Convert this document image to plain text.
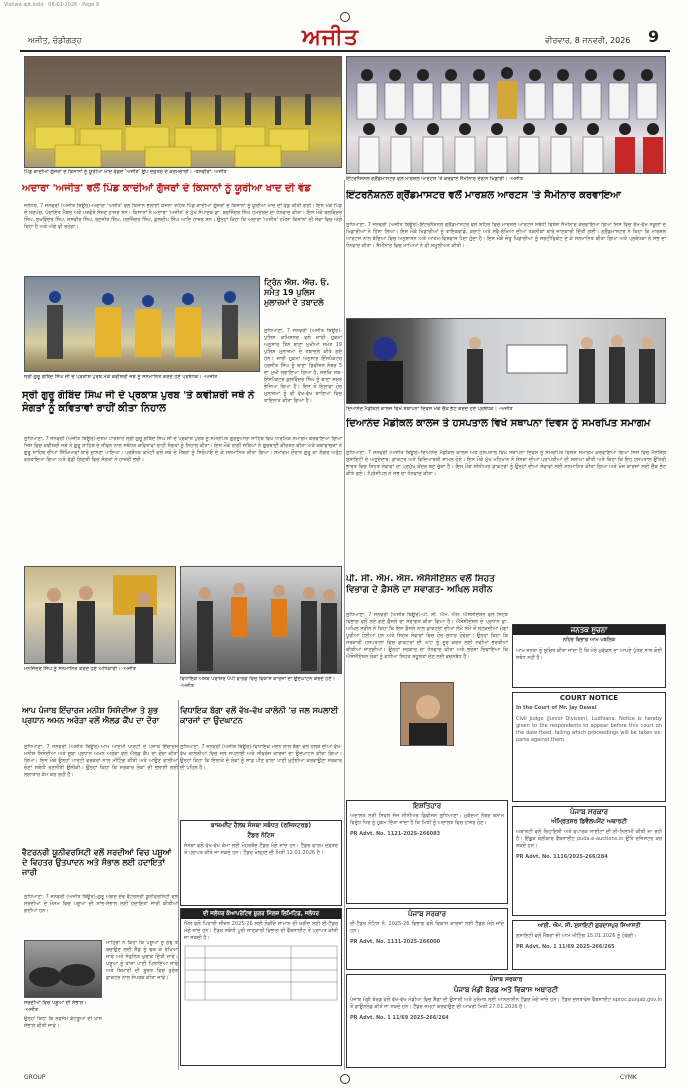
Vishwa ajit.indd · 08-01-2026 · Page 9
ਅਜੀਤ, ਚੰਡੀਗੜ੍ਹ	ਅਜੀਤ	ਵੀਰਵਾਰ, 8 ਜਨਵਰੀ, 2026 9
ਪਿੰਡ ਕਾਦੀਆਂ ਗੁੱਜਰਾਂ ਦੇ ਕਿਸਾਨਾਂ ਨੂੰ ਯੂਰੀਆ ਖਾਦ ਵੰਡਦੇ 'ਅਜੀਤ' ਉਪ ਦਫ਼ਤਰ ਦੇ ਕਰਮਚਾਰੀ। -ਤਸਵੀਰਾਂ: ਅਜੀਤ
ਇੰਟਰਨੈਸ਼ਨਲ ਗ੍ਰੈਂਡਮਾਸਟਰ ਵਲੋਂ ਮਾਰਸ਼ਲ ਆਰਟਸ 'ਤੇ ਕਰਵਾਏ ਸੈਮੀਨਾਰ ਦੌਰਾਨ ਖਿਡਾਰੀ। -ਅਜੀਤ
ਅਦਾਰਾ 'ਅਜੀਤ' ਵਲੋਂ ਪਿੰਡ ਕਾਦੀਆਂ ਗੁੱਜਰਾਂ ਦੇ ਕਿਸਾਨਾਂ ਨੂੰ ਯੂਰੀਆ ਖਾਦ ਦੀ ਵੰਡ
ਜਲੰਧਰ, 7 ਜਨਵਰੀ (ਅਜੀਤ ਬਿਊਰੋ)-ਅਦਾਰਾ 'ਅਜੀਤ' ਵਲੋਂ ਕਿਸਾਨ ਭਲਾਈ ਯੋਜਨਾ ਤਹਿਤ ਪਿੰਡ ਕਾਦੀਆਂ ਗੁੱਜਰਾਂ ਦੇ ਕਿਸਾਨਾਂ ਨੂੰ ਯੂਰੀਆ ਖਾਦ ਦੀ ਵੰਡ ਕੀਤੀ ਗਈ। ਇਸ ਮੌਕੇ ਪਿੰਡ ਦੇ ਸਰਪੰਚ, ਪੰਚਾਇਤ ਮੈਂਬਰ ਅਤੇ ਪਤਵੰਤੇ ਸੱਜਣ ਹਾਜ਼ਰ ਸਨ। ਕਿਸਾਨਾਂ ਨੇ ਅਦਾਰਾ 'ਅਜੀਤ' ਦੇ ਮੁੱਖ ਸੰਪਾਦਕ ਡਾ. ਬਰਜਿੰਦਰ ਸਿੰਘ ਹਮਦਰਦ ਦਾ ਧੰਨਵਾਦ ਕੀਤਾ। ਇਸ ਮੌਕੇ ਬਲਵਿੰਦਰ ਸਿੰਘ, ਸੁਖਵਿੰਦਰ ਸਿੰਘ, ਜਸਵੀਰ ਸਿੰਘ, ਰਣਜੀਤ ਸਿੰਘ, ਹਰਜਿੰਦਰ ਸਿੰਘ, ਕੁਲਦੀਪ ਸਿੰਘ ਆਦਿ ਹਾਜ਼ਰ ਸਨ। ਉਨ੍ਹਾਂ ਕਿਹਾ ਕਿ ਅਦਾਰਾ 'ਅਜੀਤ' ਹਮੇਸ਼ਾ ਕਿਸਾਨਾਂ ਦੀ ਸੇਵਾ ਵਿਚ ਅੱਗੇ ਰਿਹਾ ਹੈ ਅਤੇ ਅੱਗੇ ਵੀ ਰਹੇਗਾ।
ਇੰਟਰਨੈਸ਼ਨਲ ਗ੍ਰੈਂਡਮਾਸਟਰ ਵਲੋਂ ਮਾਰਸ਼ਲ ਆਰਟਸ 'ਤੇ ਸੈਮੀਨਾਰ ਕਰਵਾਇਆ
ਲੁਧਿਆਣਾ, 7 ਜਨਵਰੀ (ਅਜੀਤ ਬਿਊਰੋ)-ਇੰਟਰਨੈਸ਼ਨਲ ਗ੍ਰੈਂਡਮਾਸਟਰ ਵਲੋਂ ਸ਼ਹਿਰ ਵਿਚ ਮਾਰਸ਼ਲ ਆਰਟਸ ਸਬੰਧੀ ਵਿਸ਼ੇਸ਼ ਸੈਮੀਨਾਰ ਕਰਵਾਇਆ ਗਿਆ ਜਿਸ ਵਿਚ ਵੱਖ-ਵੱਖ ਸਕੂਲਾਂ ਦੇ ਖਿਡਾਰੀਆਂ ਨੇ ਹਿੱਸਾ ਲਿਆ। ਇਸ ਮੌਕੇ ਖਿਡਾਰੀਆਂ ਨੂੰ ਤਾਇਕਵਾਂਡੋ, ਕਰਾਟੇ ਅਤੇ ਸਵੈ-ਰੱਖਿਆ ਦੀਆਂ ਤਕਨੀਕਾਂ ਬਾਰੇ ਜਾਣਕਾਰੀ ਦਿੱਤੀ ਗਈ। ਗ੍ਰੈਂਡਮਾਸਟਰ ਨੇ ਕਿਹਾ ਕਿ ਮਾਰਸ਼ਲ ਆਰਟਸ ਨਾਲ ਬੱਚਿਆਂ ਵਿਚ ਅਨੁਸ਼ਾਸਨ ਅਤੇ ਆਤਮ-ਵਿਸ਼ਵਾਸ ਪੈਦਾ ਹੁੰਦਾ ਹੈ। ਇਸ ਮੌਕੇ ਜੇਤੂ ਖਿਡਾਰੀਆਂ ਨੂੰ ਸਰਟੀਫਿਕੇਟ ਦੇ ਕੇ ਸਨਮਾਨਿਤ ਕੀਤਾ ਗਿਆ ਅਤੇ ਪ੍ਰਬੰਧਕਾਂ ਨੇ ਸਭ ਦਾ ਧੰਨਵਾਦ ਕੀਤਾ। ਸੈਮੀਨਾਰ ਵਿਚ ਮਾਪਿਆਂ ਨੇ ਵੀ ਸ਼ਮੂਲੀਅਤ ਕੀਤੀ।
ਸ੍ਰੀ ਗੁਰੂ ਗੋਬਿੰਦ ਸਿੰਘ ਜੀ ਦੇ ਪ੍ਰਕਾਸ਼ ਪੁਰਬ ਮੌਕੇ ਕਵੀਸ਼ਰੀ ਜਥੇ ਨੂੰ ਸਨਮਾਨਿਤ ਕਰਦੇ ਹੋਏ ਪ੍ਰਬੰਧਕ। -ਅਜੀਤ
ਟਿ੍ਰੰਨ ਐਸ. ਐਚ. ਓ. ਸਮੇਤ 19 ਪੁਲਿਸ ਮੁਲਾਜ਼ਮਾਂ ਦੇ ਤਬਾਦਲੇ
ਲੁਧਿਆਣਾ, 7 ਜਨਵਰੀ (ਅਜੀਤ ਬਿਊਰੋ)-ਪੁਲਿਸ ਕਮਿਸ਼ਨਰ ਵਲੋਂ ਜਾਰੀ ਹੁਕਮਾਂ ਅਨੁਸਾਰ ਤਿੰਨ ਥਾਣਾ ਮੁਖੀਆਂ ਸਮੇਤ 19 ਪੁਲਿਸ ਮੁਲਾਜ਼ਮਾਂ ਦੇ ਤਬਾਦਲੇ ਕੀਤੇ ਗਏ ਹਨ। ਜਾਰੀ ਹੁਕਮਾਂ ਅਨੁਸਾਰ ਇੰਸਪੈਕਟਰ ਹਰਜੀਤ ਸਿੰਘ ਨੂੰ ਥਾਣਾ ਡਿਵੀਜ਼ਨ ਨੰਬਰ 5 ਦਾ ਮੁਖੀ ਲਗਾਇਆ ਗਿਆ ਹੈ, ਜਦਕਿ ਸਬ-ਇੰਸਪੈਕਟਰ ਕੁਲਵਿੰਦਰ ਸਿੰਘ ਨੂੰ ਥਾਣਾ ਸਦਰ ਭੇਜਿਆ ਗਿਆ ਹੈ। ਇਸ ਤੋਂ ਇਲਾਵਾ ਹੋਰ ਮੁਲਾਜ਼ਮਾਂ ਨੂੰ ਵੀ ਵੱਖ-ਵੱਖ ਥਾਣਿਆਂ ਵਿਚ ਤਾਇਨਾਤ ਕੀਤਾ ਗਿਆ ਹੈ।
ਸ੍ਰੀ ਗੁਰੂ ਗੋਬਿੰਦ ਸਿੰਘ ਜੀ ਦੇ ਪ੍ਰਕਾਸ਼ ਪੁਰਬ 'ਤੇ ਕਵੀਸ਼ਰੀ ਜਥੇ ਨੇ ਸੰਗਤਾਂ ਨੂੰ ਕਵਿਤਾਵਾਂ ਰਾਹੀਂ ਕੀਤਾ ਨਿਹਾਲ
ਲੁਧਿਆਣਾ, 7 ਜਨਵਰੀ (ਅਜੀਤ ਬਿਊਰੋ)-ਦਸਮ ਪਾਤਸ਼ਾਹ ਸ੍ਰੀ ਗੁਰੂ ਗੋਬਿੰਦ ਸਿੰਘ ਜੀ ਦੇ ਪ੍ਰਕਾਸ਼ ਪੁਰਬ ਨੂੰ ਸਮਰਪਿਤ ਗੁਰਦੁਆਰਾ ਸਾਹਿਬ ਵਿਖੇ ਧਾਰਮਿਕ ਸਮਾਗਮ ਕਰਵਾਇਆ ਗਿਆ ਜਿਸ ਵਿਚ ਕਵੀਸ਼ਰੀ ਜਥੇ ਨੇ ਗੁਰੂ ਸਾਹਿਬ ਦੇ ਜੀਵਨ ਨਾਲ ਸਬੰਧਤ ਕਵਿਤਾਵਾਂ ਰਾਹੀਂ ਸੰਗਤਾਂ ਨੂੰ ਨਿਹਾਲ ਕੀਤਾ। ਇਸ ਮੌਕੇ ਰਾਗੀ ਜਥਿਆਂ ਨੇ ਗੁਰਬਾਣੀ ਕੀਰਤਨ ਕੀਤਾ ਅਤੇ ਕਥਾਵਾਚਕਾਂ ਨੇ ਗੁਰੂ ਸਾਹਿਬ ਦੀਆਂ ਸਿੱਖਿਆਵਾਂ ਬਾਰੇ ਚਾਨਣਾ ਪਾਇਆ। ਪ੍ਰਬੰਧਕ ਕਮੇਟੀ ਵਲੋਂ ਜਥੇ ਦੇ ਮੈਂਬਰਾਂ ਨੂੰ ਸਿਰੋਪਾਓ ਦੇ ਕੇ ਸਨਮਾਨਿਤ ਕੀਤਾ ਗਿਆ। ਸਮਾਗਮ ਦੌਰਾਨ ਗੁਰੂ ਕਾ ਲੰਗਰ ਅਤੁੱਟ ਵਰਤਾਇਆ ਗਿਆ ਅਤੇ ਵੱਡੀ ਗਿਣਤੀ ਵਿਚ ਸੰਗਤਾਂ ਨੇ ਹਾਜ਼ਰੀ ਭਰੀ।
ਦਿਆਨੰਦ ਮੈਡੀਕਲ ਕਾਲਜ ਵਿਖੇ ਸਥਾਪਨਾ ਦਿਵਸ ਮੌਕੇ ਚੈੱਕ ਭੇਟ ਕਰਦੇ ਹੋਏ ਪ੍ਰਬੰਧਕ। -ਅਜੀਤ
ਦਿਆਨੰਦ ਮੈਡੀਕਲ ਕਾਲਜ ਤੇ ਹਸਪਤਾਲ ਵਿਖੇ ਸਥਾਪਨਾ ਦਿਵਸ ਨੂੰ ਸਮਰਪਿਤ ਸਮਾਗਮ
ਲੁਧਿਆਣਾ, 7 ਜਨਵਰੀ (ਅਜੀਤ ਬਿਊਰੋ)-ਦਿਆਨੰਦ ਮੈਡੀਕਲ ਕਾਲਜ ਅਤੇ ਹਸਪਤਾਲ ਵਿਖੇ ਸਥਾਪਨਾ ਦਿਵਸ ਨੂੰ ਸਮਰਪਿਤ ਵਿਸ਼ੇਸ਼ ਸਮਾਗਮ ਕਰਵਾਇਆ ਗਿਆ ਜਿਸ ਵਿਚ ਮੈਨੇਜਿੰਗ ਸੁਸਾਇਟੀ ਦੇ ਅਹੁਦੇਦਾਰ, ਡਾਕਟਰ ਅਤੇ ਵਿਦਿਆਰਥੀ ਸ਼ਾਮਲ ਹੋਏ। ਇਸ ਮੌਕੇ ਮੁੱਖ ਮਹਿਮਾਨ ਨੇ ਸੰਸਥਾ ਦੀਆਂ ਪ੍ਰਾਪਤੀਆਂ ਦੀ ਸ਼ਲਾਘਾ ਕੀਤੀ ਅਤੇ ਕਿਹਾ ਕਿ ਇਹ ਹਸਪਤਾਲ ਉੱਤਰੀ ਭਾਰਤ ਵਿਚ ਸਿਹਤ ਸੇਵਾਵਾਂ ਦਾ ਪ੍ਰਮੁੱਖ ਕੇਂਦਰ ਬਣ ਚੁੱਕਾ ਹੈ। ਇਸ ਮੌਕੇ ਸੀਨੀਅਰ ਡਾਕਟਰਾਂ ਨੂੰ ਉਨ੍ਹਾਂ ਦੀਆਂ ਸੇਵਾਵਾਂ ਲਈ ਸਨਮਾਨਿਤ ਕੀਤਾ ਗਿਆ ਅਤੇ ਖੋਜ ਕਾਰਜਾਂ ਲਈ ਚੈੱਕ ਭੇਟ ਕੀਤੇ ਗਏ। ਪ੍ਰਿੰਸੀਪਲ ਨੇ ਸਭ ਦਾ ਧੰਨਵਾਦ ਕੀਤਾ।
ਮਨਜਿੰਦਰ ਸਿੰਘ ਨੂੰ ਸਨਮਾਨਿਤ ਕਰਦੇ ਹੋਏ ਅਧਿਕਾਰੀ। -ਅਜੀਤ
ਵਿਧਾਇਕ ਅਸ਼ੋਕ ਪਰਾਸ਼ਰ ਪੱਪੀ ਵਾਰਡ ਵਿਚ ਵਿਕਾਸ ਕਾਰਜਾਂ ਦਾ ਉਦਘਾਟਨ ਕਰਦੇ ਹੋਏ। -ਅਜੀਤ
ਪੀ. ਸੀ. ਐਮ. ਐਸ. ਐਸੋਸੀਏਸ਼ਨ ਵਲੋਂ ਸਿਹਤ ਵਿਭਾਗ ਦੇ ਫ਼ੈਸਲੇ ਦਾ ਸਵਾਗਤ- ਅਖਿਲ ਸਰੀਨ
ਲੁਧਿਆਣਾ, 7 ਜਨਵਰੀ (ਅਜੀਤ ਬਿਊਰੋ)-ਪੀ. ਸੀ. ਐਮ. ਐਸ. ਐਸੋਸੀਏਸ਼ਨ ਵਲੋਂ ਸਿਹਤ ਵਿਭਾਗ ਵਲੋਂ ਲਏ ਗਏ ਫ਼ੈਸਲੇ ਦਾ ਸਵਾਗਤ ਕੀਤਾ ਗਿਆ ਹੈ। ਐਸੋਸੀਏਸ਼ਨ ਦੇ ਪ੍ਰਧਾਨ ਡਾ. ਅਖਿਲ ਸਰੀਨ ਨੇ ਕਿਹਾ ਕਿ ਇਸ ਫ਼ੈਸਲੇ ਨਾਲ ਡਾਕਟਰਾਂ ਦੀਆਂ ਲੰਮੇ ਸਮੇਂ ਤੋਂ ਲਟਕਦੀਆਂ ਮੰਗਾਂ ਪੂਰੀਆਂ ਹੋਈਆਂ ਹਨ ਅਤੇ ਸਿਹਤ ਸੇਵਾਵਾਂ ਵਿਚ ਹੋਰ ਸੁਧਾਰ ਹੋਵੇਗਾ। ਉਨ੍ਹਾਂ ਕਿਹਾ ਕਿ ਸਰਕਾਰੀ ਹਸਪਤਾਲਾਂ ਵਿਚ ਡਾਕਟਰਾਂ ਦੀ ਘਾਟ ਨੂੰ ਦੂਰ ਕਰਨ ਲਈ ਨਵੀਆਂ ਭਰਤੀਆਂ ਕੀਤੀਆਂ ਜਾਣਗੀਆਂ। ਉਨ੍ਹਾਂ ਸਰਕਾਰ ਦਾ ਧੰਨਵਾਦ ਕੀਤਾ ਅਤੇ ਭਰੋਸਾ ਦਿਵਾਇਆ ਕਿ ਐਸੋਸੀਏਸ਼ਨ ਲੋਕਾਂ ਨੂੰ ਵਧੀਆ ਸਿਹਤ ਸਹੂਲਤਾਂ ਦੇਣ ਲਈ ਵਚਨਬੱਧ ਹੈ।
ਜਨਤਕ ਸੂਚਨਾ
ਨਹਿਰ ਵਿਭਾਗ ਆਮ ਪਬਲਿਕ
ਆਮ ਜਨਤਾ ਨੂੰ ਸੂਚਿਤ ਕੀਤਾ ਜਾਂਦਾ ਹੈ ਕਿ ਮੇਰੇ ਮੁਵੱਕਲ ਦਾ ਆਪਣੇ ਪੁੱਤਰ ਨਾਲ ਕੋਈ ਸਬੰਧ ਨਹੀਂ ਹੈ।
COURT NOTICE
In the Court of Mr. Jay Dewal
Civil Judge (Junior Division), Ludhiana. Notice is hereby given to the respondents to appear before this court on the date fixed, failing which proceedings will be taken ex-parte against them.
ਆਪ ਪੰਜਾਬ ਇੰਚਾਰਜ ਮਨੀਸ਼ ਸਿਸੋਦੀਆ ਤੇ ਸ਼ੁਭ ਪ੍ਰਧਾਨ ਅਮਨ ਅਰੋੜਾ ਵਲੋਂ ਐਲਡ ਕੈਂਪ ਦਾ ਦੌਰਾ
ਲੁਧਿਆਣਾ, 7 ਜਨਵਰੀ (ਅਜੀਤ ਬਿਊਰੋ)-ਆਮ ਆਦਮੀ ਪਾਰਟੀ ਦੇ ਪੰਜਾਬ ਇੰਚਾਰਜ ਮਨੀਸ਼ ਸਿਸੋਦੀਆ ਅਤੇ ਸੂਬਾ ਪ੍ਰਧਾਨ ਅਮਨ ਅਰੋੜਾ ਵਲੋਂ ਐਲਡ ਕੈਂਪ ਦਾ ਦੌਰਾ ਕੀਤਾ ਗਿਆ। ਇਸ ਮੌਕੇ ਉਨ੍ਹਾਂ ਪਾਰਟੀ ਵਰਕਰਾਂ ਨਾਲ ਮੀਟਿੰਗ ਕੀਤੀ ਅਤੇ ਆਉਣ ਵਾਲੀਆਂ ਚੋਣਾਂ ਸਬੰਧੀ ਰਣਨੀਤੀ ਉਲੀਕੀ। ਉਨ੍ਹਾਂ ਕਿਹਾ ਕਿ ਸਰਕਾਰ ਲੋਕਾਂ ਦੀ ਭਲਾਈ ਲਈ ਲਗਾਤਾਰ ਕੰਮ ਕਰ ਰਹੀ ਹੈ।
ਵਿਧਾਇਕ ਬੱਗਾ ਵਲੋਂ ਵੱਖ-ਵੱਖ ਕਾਲੋਨੀ 'ਚ ਜਲ ਸਪਲਾਈ ਕਾਰਜਾਂ ਦਾ ਉਦਘਾਟਨ
ਲੁਧਿਆਣਾ, 7 ਜਨਵਰੀ (ਅਜੀਤ ਬਿਊਰੋ)-ਵਿਧਾਇਕ ਮਦਨ ਲਾਲ ਬੱਗਾ ਵਲੋਂ ਹਲਕੇ ਦੀਆਂ ਵੱਖ-ਵੱਖ ਕਾਲੋਨੀਆਂ ਵਿਚ ਜਲ ਸਪਲਾਈ ਅਤੇ ਸੀਵਰੇਜ ਕਾਰਜਾਂ ਦਾ ਉਦਘਾਟਨ ਕੀਤਾ ਗਿਆ। ਉਨ੍ਹਾਂ ਕਿਹਾ ਕਿ ਇਲਾਕੇ ਦੇ ਲੋਕਾਂ ਨੂੰ ਸਾਫ਼ ਪੀਣ ਵਾਲਾ ਪਾਣੀ ਮੁਹੱਈਆ ਕਰਵਾਉਣਾ ਸਰਕਾਰ ਦੀ ਪਹਿਲ ਹੈ।
ਬਾਜ਼ਮਨੈਂਟ ਹੈਲਥ ਸੰਸਥਾ ਸਬੰਧਤ (ਰਜਿਸਟਰਡ)
ਟੈਂਡਰ ਨੋਟਿਸ
ਸੰਸਥਾ ਵਲੋਂ ਵੱਖ-ਵੱਖ ਕੰਮਾਂ ਲਈ ਮੋਹਰਬੰਦ ਟੈਂਡਰ ਮੰਗੇ ਜਾਂਦੇ ਹਨ। ਟੈਂਡਰ ਫਾਰਮ ਦਫ਼ਤਰ ਤੋਂ ਪ੍ਰਾਪਤ ਕੀਤੇ ਜਾ ਸਕਦੇ ਹਨ। ਟੈਂਡਰ ਖੋਲ੍ਹਣ ਦੀ ਮਿਤੀ 12.01.2026 ਹੈ।
ਵੈਟਰਨਰੀ ਯੂਨੀਵਰਸਿਟੀ ਵਲੋਂ ਸਰਦੀਆਂ ਵਿਚ ਪਸ਼ੂਆਂ ਦੇ ਵਿਹਤਰ ਉਤਪਾਦਨ ਅਤੇ ਸੰਭਾਲ ਲਈ ਹਦਾਇਤਾਂ ਜਾਰੀ
ਲੁਧਿਆਣਾ, 7 ਜਨਵਰੀ (ਅਜੀਤ ਬਿਊਰੋ)-ਗੁਰੂ ਅੰਗਦ ਦੇਵ ਵੈਟਰਨਰੀ ਯੂਨੀਵਰਸਿਟੀ ਵਲੋਂ ਸਰਦੀਆਂ ਦੇ ਮੌਸਮ ਵਿਚ ਪਸ਼ੂਆਂ ਦੀ ਸਾਂਭ-ਸੰਭਾਲ ਲਈ ਹਦਾਇਤਾਂ ਜਾਰੀ ਕੀਤੀਆਂ ਗਈਆਂ ਹਨ।
ਸਰਦੀਆਂ ਵਿਚ ਪਸ਼ੂਆਂ ਦੀ ਸੰਭਾਲ। -ਅਜੀਤ
ਮਾਹਿਰਾਂ ਨੇ ਕਿਹਾ ਕਿ ਪਸ਼ੂਆਂ ਨੂੰ ਠੰਢ ਤੋਂ ਬਚਾਉਣ ਲਈ ਸ਼ੈੱਡ ਨੂੰ ਢਕ ਕੇ ਰੱਖਿਆ ਜਾਵੇ ਅਤੇ ਸੰਤੁਲਿਤ ਖੁਰਾਕ ਦਿੱਤੀ ਜਾਵੇ। ਪਸ਼ੂਆਂ ਨੂੰ ਤਾਜ਼ਾ ਪਾਣੀ ਪਿਲਾਇਆ ਜਾਵੇ ਅਤੇ ਬਿਮਾਰੀ ਦੀ ਸੂਰਤ ਵਿਚ ਤੁਰੰਤ ਡਾਕਟਰ ਨਾਲ ਸੰਪਰਕ ਕੀਤਾ ਜਾਵੇ।
ਉਨ੍ਹਾਂ ਕਿਹਾ ਕਿ ਨਵਜੰਮੇ ਕੱਟੜੂਆਂ ਦੀ ਖ਼ਾਸ ਸੰਭਾਲ ਕੀਤੀ ਜਾਵੇ।
ਦੀ ਜਲੰਧਰ ਕੋਆਪਰੇਟਿਵ ਸ਼ੂਗਰ ਮਿੱਲਜ਼ ਲਿਮਿਟਿਡ, ਜਲੰਧਰ
ਮਿੱਲ ਵਲੋਂ ਪਿੜਾਈ ਸੀਜ਼ਨ 2025-26 ਲਈ ਲੋੜੀਂਦੇ ਸਾਮਾਨ ਦੀ ਖ਼ਰੀਦ ਲਈ ਈ-ਟੈਂਡਰ ਮੰਗੇ ਜਾਂਦੇ ਹਨ। ਟੈਂਡਰ ਸਬੰਧੀ ਪੂਰੀ ਜਾਣਕਾਰੀ ਵਿਭਾਗ ਦੀ ਵੈੱਬਸਾਈਟ ਤੋਂ ਪ੍ਰਾਪਤ ਕੀਤੀ ਜਾ ਸਕਦੀ ਹੈ।
ਇਸ਼ਤਿਹਾਰ
ਅਦਾਲਤ ਸ੍ਰੀ ਸਿਵਲ ਜੱਜ ਸੀਨੀਅਰ ਡਿਵੀਜ਼ਨ ਲੁਧਿਆਣਾ। ਮੁਕੱਦਮਾ ਨੰਬਰ ਬਨਾਮ ਵਿਰੁੱਧ ਧਿਰ ਨੂੰ ਹੁਕਮ ਦਿੱਤਾ ਜਾਂਦਾ ਹੈ ਕਿ ਮਿਤੀ ਨੂੰ ਅਦਾਲਤ ਵਿਚ ਹਾਜ਼ਰ ਹੋਣ।
PR Advt. No. 1121-2025-266083
ਪੰਜਾਬ ਸਰਕਾਰ
ਈ-ਟੈਂਡਰ ਨੋਟਿਸ ਨੰ. 2025-26 ਵਿਭਾਗ ਵਲੋਂ ਵਿਕਾਸ ਕਾਰਜਾਂ ਲਈ ਟੈਂਡਰ ਮੰਗੇ ਜਾਂਦੇ ਹਨ।
PR Advt. No. 1131-2025-266000
ਪੰਜਾਬ ਸਰਕਾਰ
ਪੰਜਾਬ ਮੰਡੀ ਬੋਰਡ ਅਤੇ ਵਿਕਾਸ ਅਥਾਰਟੀ
ਪੰਜਾਬ ਮੰਡੀ ਬੋਰਡ ਵਲੋਂ ਵੱਖ-ਵੱਖ ਮੰਡੀਆਂ ਵਿਚ ਸ਼ੈੱਡਾਂ ਦੀ ਉਸਾਰੀ ਅਤੇ ਮੁਰੰਮਤ ਲਈ ਆਨਲਾਈਨ ਟੈਂਡਰ ਮੰਗੇ ਜਾਂਦੇ ਹਨ। ਟੈਂਡਰ ਦਸਤਾਵੇਜ਼ ਵੈੱਬਸਾਈਟ eproc.punjab.gov.in ਤੋਂ ਡਾਊਨਲੋਡ ਕੀਤੇ ਜਾ ਸਕਦੇ ਹਨ। ਟੈਂਡਰ ਜਮ੍ਹਾਂ ਕਰਵਾਉਣ ਦੀ ਆਖ਼ਰੀ ਮਿਤੀ 27.01.2026 ਹੈ।
PR Advt. No. 1 11/69 2025-266/264
ਪੰਜਾਬ ਸਰਕਾਰ
ਅੰਮ੍ਰਿਤਸਰ ਡਿਵੈਲਪਮੈਂਟ ਅਥਾਰਟੀ
ਅਥਾਰਟੀ ਵਲੋਂ ਰਿਹਾਇਸ਼ੀ ਅਤੇ ਵਪਾਰਕ ਸਾਈਟਾਂ ਦੀ ਈ-ਨਿਲਾਮੀ ਕੀਤੀ ਜਾ ਰਹੀ ਹੈ। ਇੱਛੁਕ ਬੋਲੀਕਾਰ ਵੈੱਬਸਾਈਟ puda.e-auctions.in ਉੱਤੇ ਰਜਿਸਟਰ ਕਰ ਸਕਦੇ ਹਨ।
PR Advt. No. 1116/2025-266/284
ਆਈ. ਐਮ. ਸੀ. ਸੁਸਾਇਟੀ ਗੁਰਦਾਸਪੁਰ ਸਿਆਸਤੀ
ਸੁਸਾਇਟੀ ਵਲੋਂ ਮੈਂਬਰਾਂ ਦੀ ਆਮ ਮੀਟਿੰਗ 15.01.2026 ਨੂੰ ਹੋਵੇਗੀ।
PR Advt. No. 1 11/69 2025-266/265
GROUP	CYMK
